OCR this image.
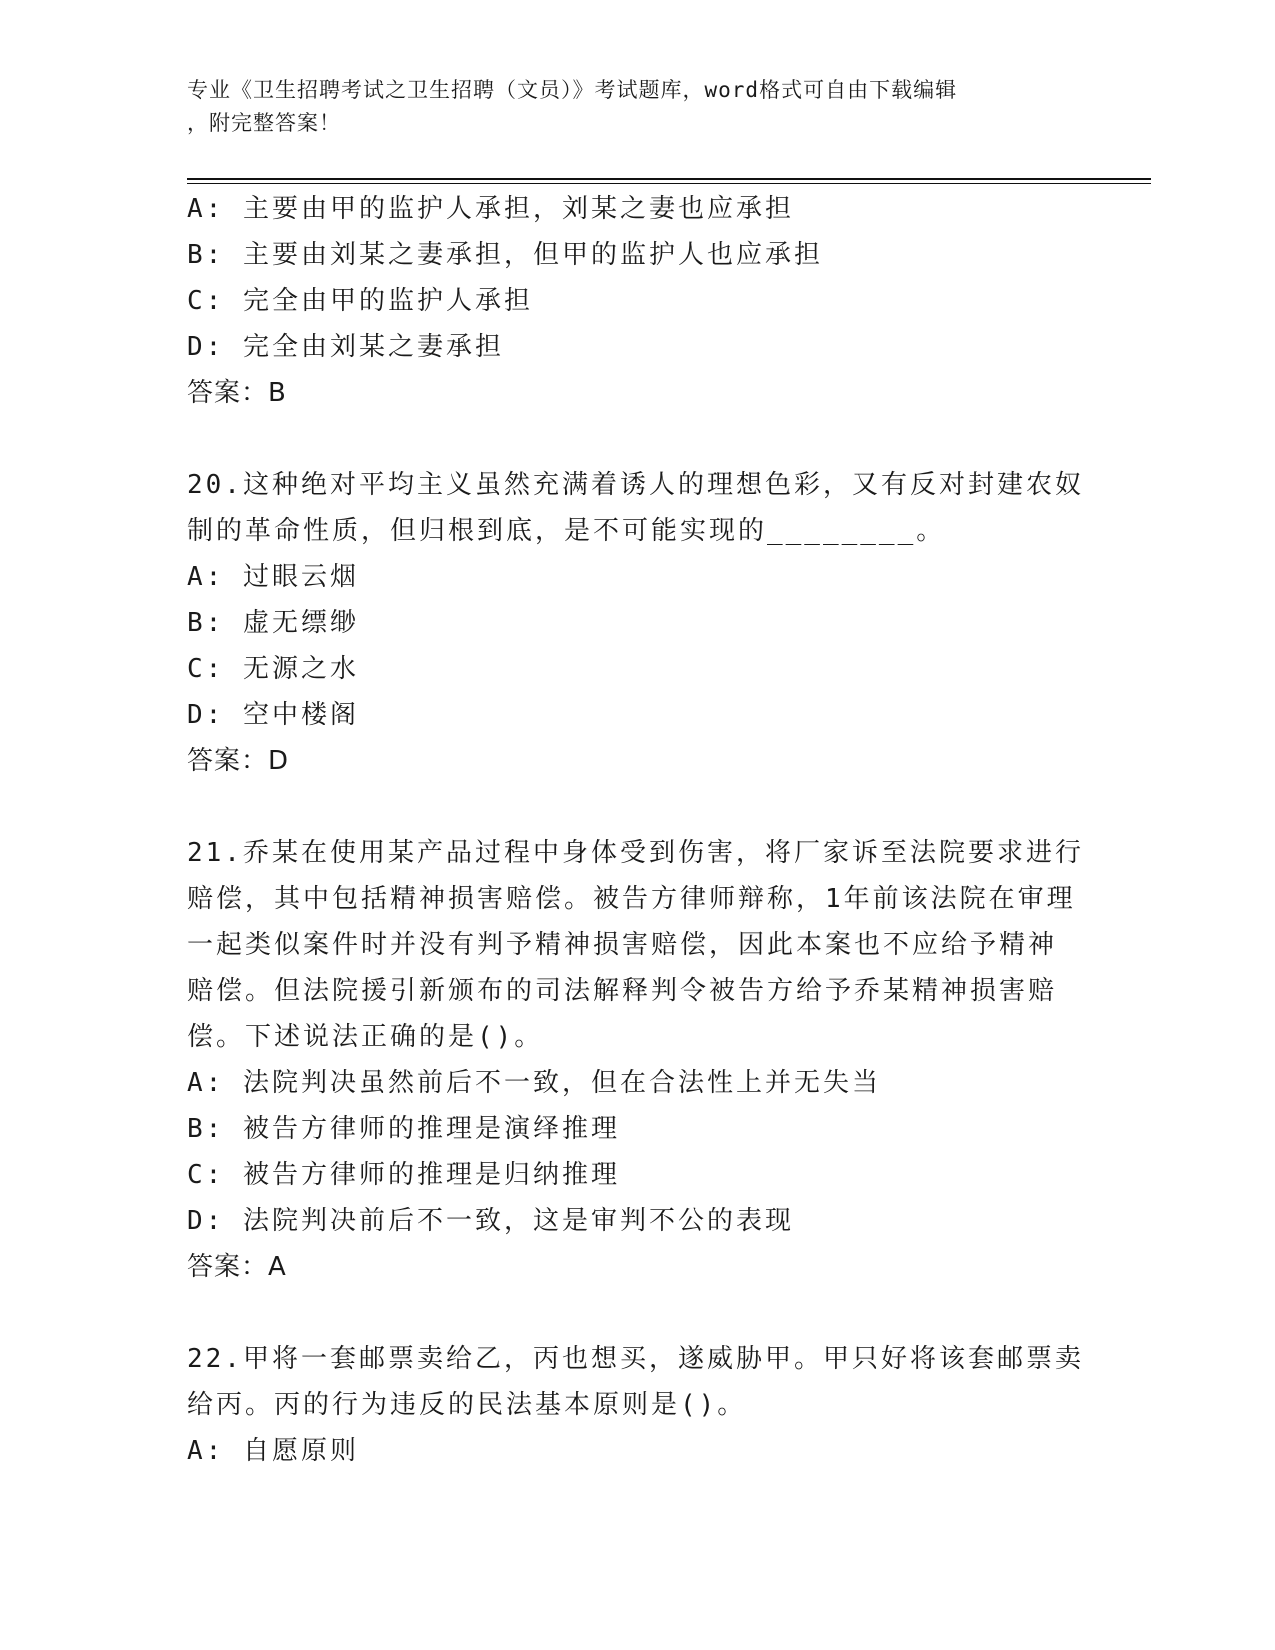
专业《卫生招聘考试之卫生招聘（文员）》考试题库，word格式可自由下载编辑
，附完整答案！
A: 主要由甲的监护人承担，刘某之妻也应承担
B: 主要由刘某之妻承担，但甲的监护人也应承担
C: 完全由甲的监护人承担
D: 完全由刘某之妻承担
答案：B
20.这种绝对平均主义虽然充满着诱人的理想色彩，又有反对封建农奴
制的革命性质，但归根到底，是不可能实现的________。
A: 过眼云烟
B: 虚无缥缈
C: 无源之水
D: 空中楼阁
答案：D
21.乔某在使用某产品过程中身体受到伤害，将厂家诉至法院要求进行
赔偿，其中包括精神损害赔偿。被告方律师辩称，1年前该法院在审理
一起类似案件时并没有判予精神损害赔偿，因此本案也不应给予精神
赔偿。但法院援引新颁布的司法解释判令被告方给予乔某精神损害赔
偿。下述说法正确的是()。
A: 法院判决虽然前后不一致，但在合法性上并无失当
B: 被告方律师的推理是演绎推理
C: 被告方律师的推理是归纳推理
D: 法院判决前后不一致，这是审判不公的表现
答案：A
22.甲将一套邮票卖给乙，丙也想买，遂威胁甲。甲只好将该套邮票卖
给丙。丙的行为违反的民法基本原则是()。
A: 自愿原则
